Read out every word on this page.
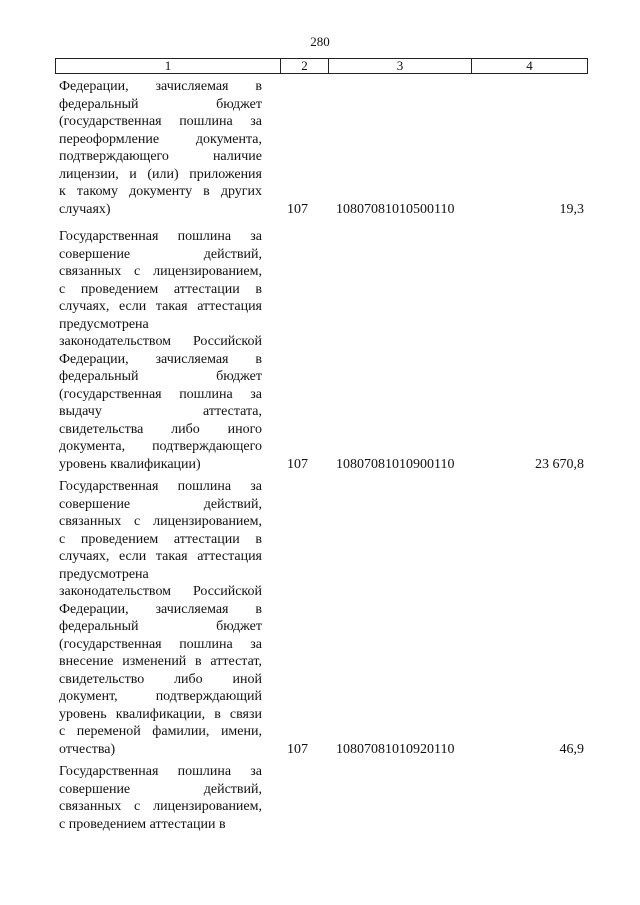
280
1	2	3	4
Федерации, зачисляемая в
федеральный бюджет
(государственная пошлина за
переоформление документа,
подтверждающего наличие
лицензии, и (или) приложения
к такому документу в других
случаях)	107	10807081010500110	19,3
Государственная пошлина за
совершение действий,
связанных с лицензированием,
с проведением аттестации в
случаях, если такая аттестация
предусмотрена
законодательством Российской
Федерации, зачисляемая в
федеральный бюджет
(государственная пошлина за
выдачу аттестата,
свидетельства либо иного
документа, подтверждающего
уровень квалификации)	107	10807081010900110	23 670,8
Государственная пошлина за
совершение действий,
связанных с лицензированием,
с проведением аттестации в
случаях, если такая аттестация
предусмотрена
законодательством Российской
Федерации, зачисляемая в
федеральный бюджет
(государственная пошлина за
внесение изменений в аттестат,
свидетельство либо иной
документ, подтверждающий
уровень квалификации, в связи
с переменой фамилии, имени,
отчества)	107	10807081010920110	46,9
Государственная пошлина за
совершение действий,
связанных с лицензированием,
с проведением аттестации в
